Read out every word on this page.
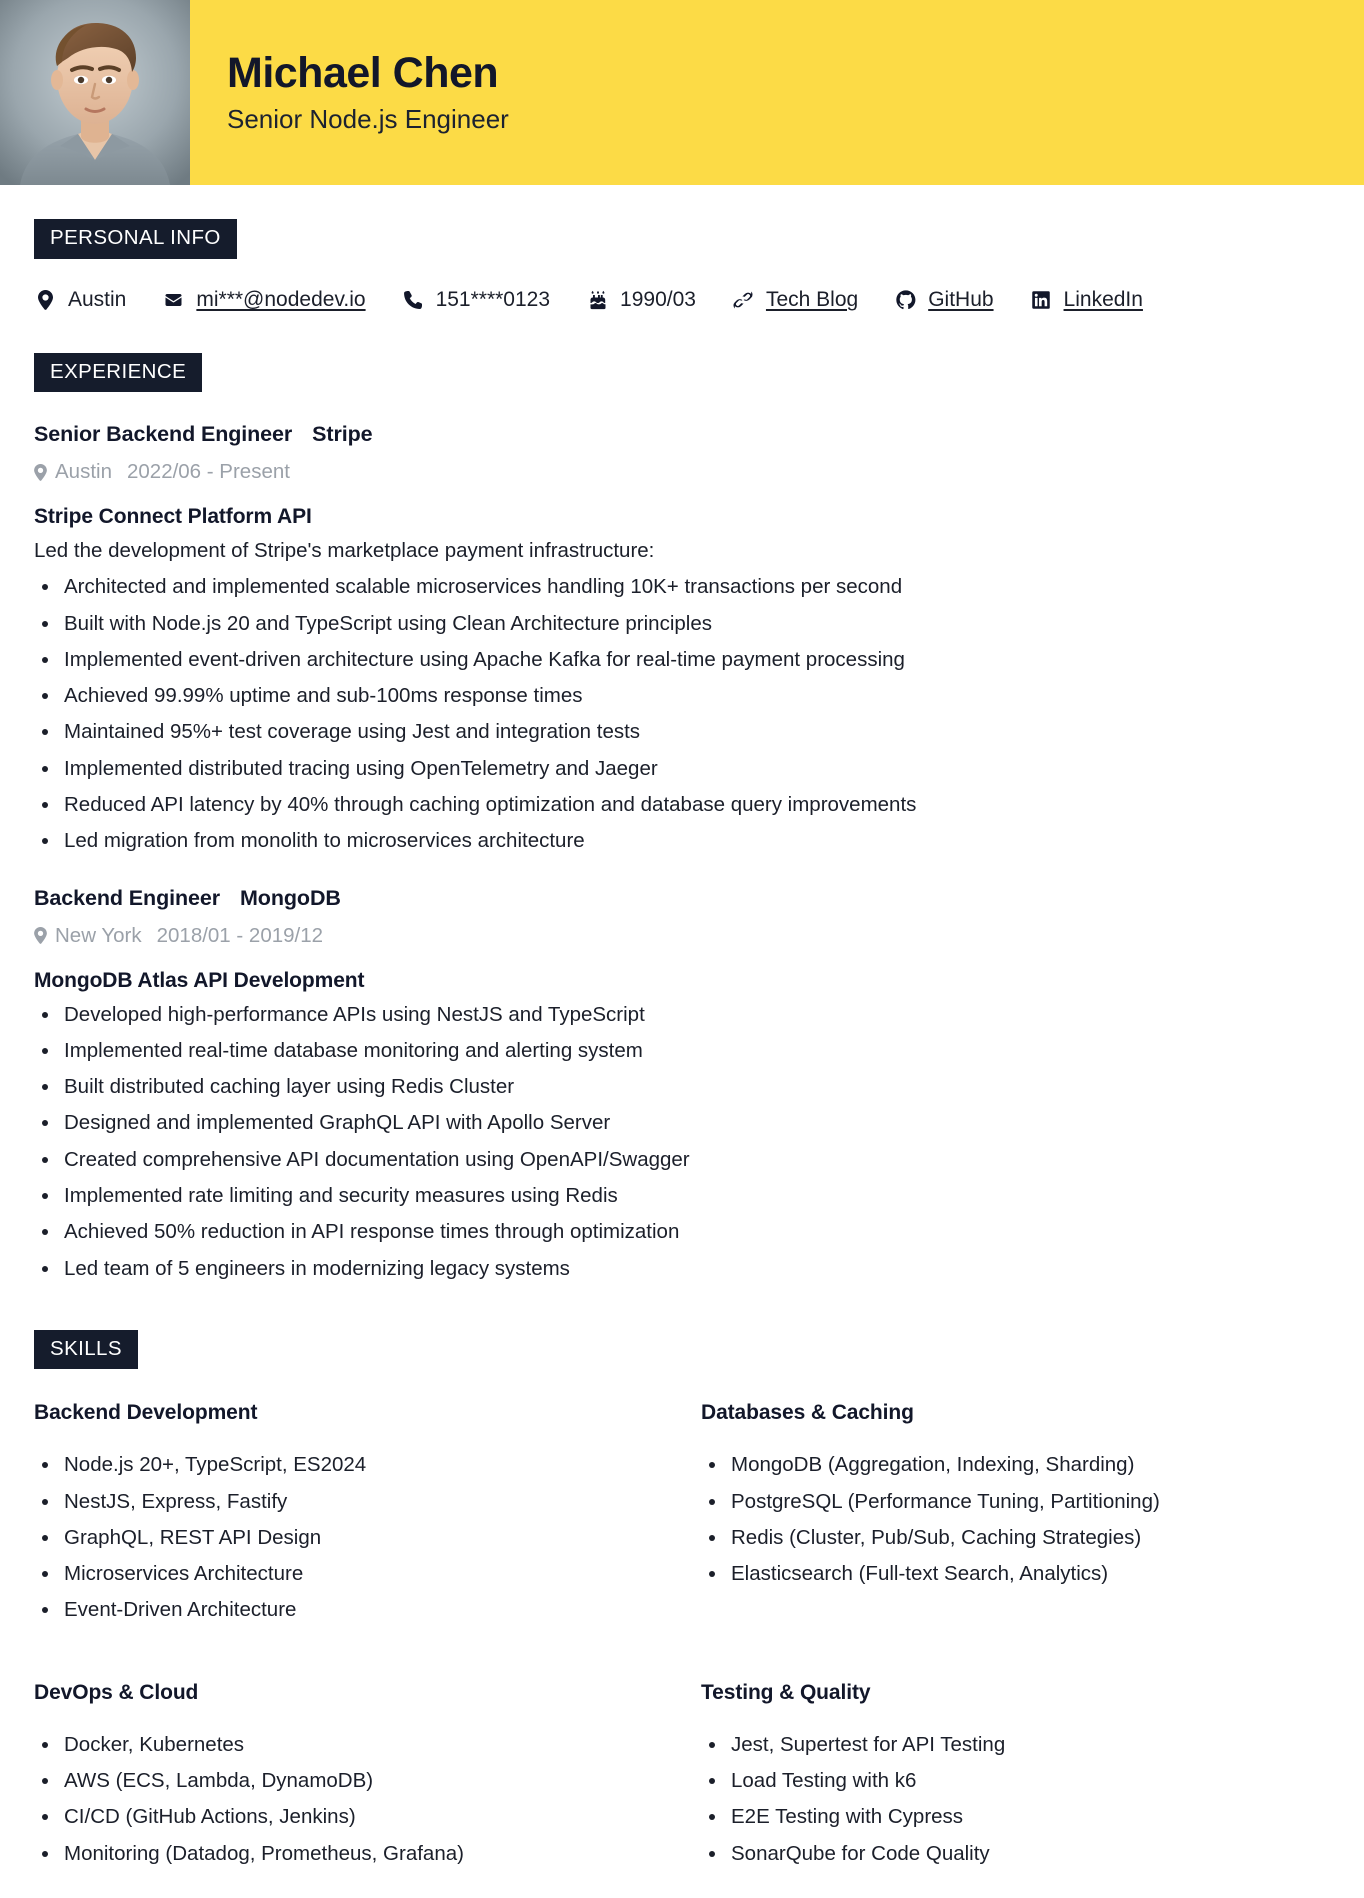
Michael Chen
Senior Node.js Engineer
PERSONAL INFO
Austin	mi***@nodedev.io	151****0123	1990/03	Tech Blog	GitHub	LinkedIn
EXPERIENCE
Senior Backend Engineer Stripe
Austin 2022/06 - Present
Stripe Connect Platform API
Led the development of Stripe's marketplace payment infrastructure:
Architected and implemented scalable microservices handling 10K+ transactions per second
Built with Node.js 20 and TypeScript using Clean Architecture principles
Implemented event-driven architecture using Apache Kafka for real-time payment processing
Achieved 99.99% uptime and sub-100ms response times
Maintained 95%+ test coverage using Jest and integration tests
Implemented distributed tracing using OpenTelemetry and Jaeger
Reduced API latency by 40% through caching optimization and database query improvements
Led migration from monolith to microservices architecture
Backend Engineer MongoDB
New York 2018/01 - 2019/12
MongoDB Atlas API Development
Developed high-performance APIs using NestJS and TypeScript
Implemented real-time database monitoring and alerting system
Built distributed caching layer using Redis Cluster
Designed and implemented GraphQL API with Apollo Server
Created comprehensive API documentation using OpenAPI/Swagger
Implemented rate limiting and security measures using Redis
Achieved 50% reduction in API response times through optimization
Led team of 5 engineers in modernizing legacy systems
SKILLS
Backend Development
Node.js 20+, TypeScript, ES2024
NestJS, Express, Fastify
GraphQL, REST API Design
Microservices Architecture
Event-Driven Architecture
Databases & Caching
MongoDB (Aggregation, Indexing, Sharding)
PostgreSQL (Performance Tuning, Partitioning)
Redis (Cluster, Pub/Sub, Caching Strategies)
Elasticsearch (Full-text Search, Analytics)
DevOps & Cloud
Docker, Kubernetes
AWS (ECS, Lambda, DynamoDB)
CI/CD (GitHub Actions, Jenkins)
Monitoring (Datadog, Prometheus, Grafana)
Testing & Quality
Jest, Supertest for API Testing
Load Testing with k6
E2E Testing with Cypress
SonarQube for Code Quality
